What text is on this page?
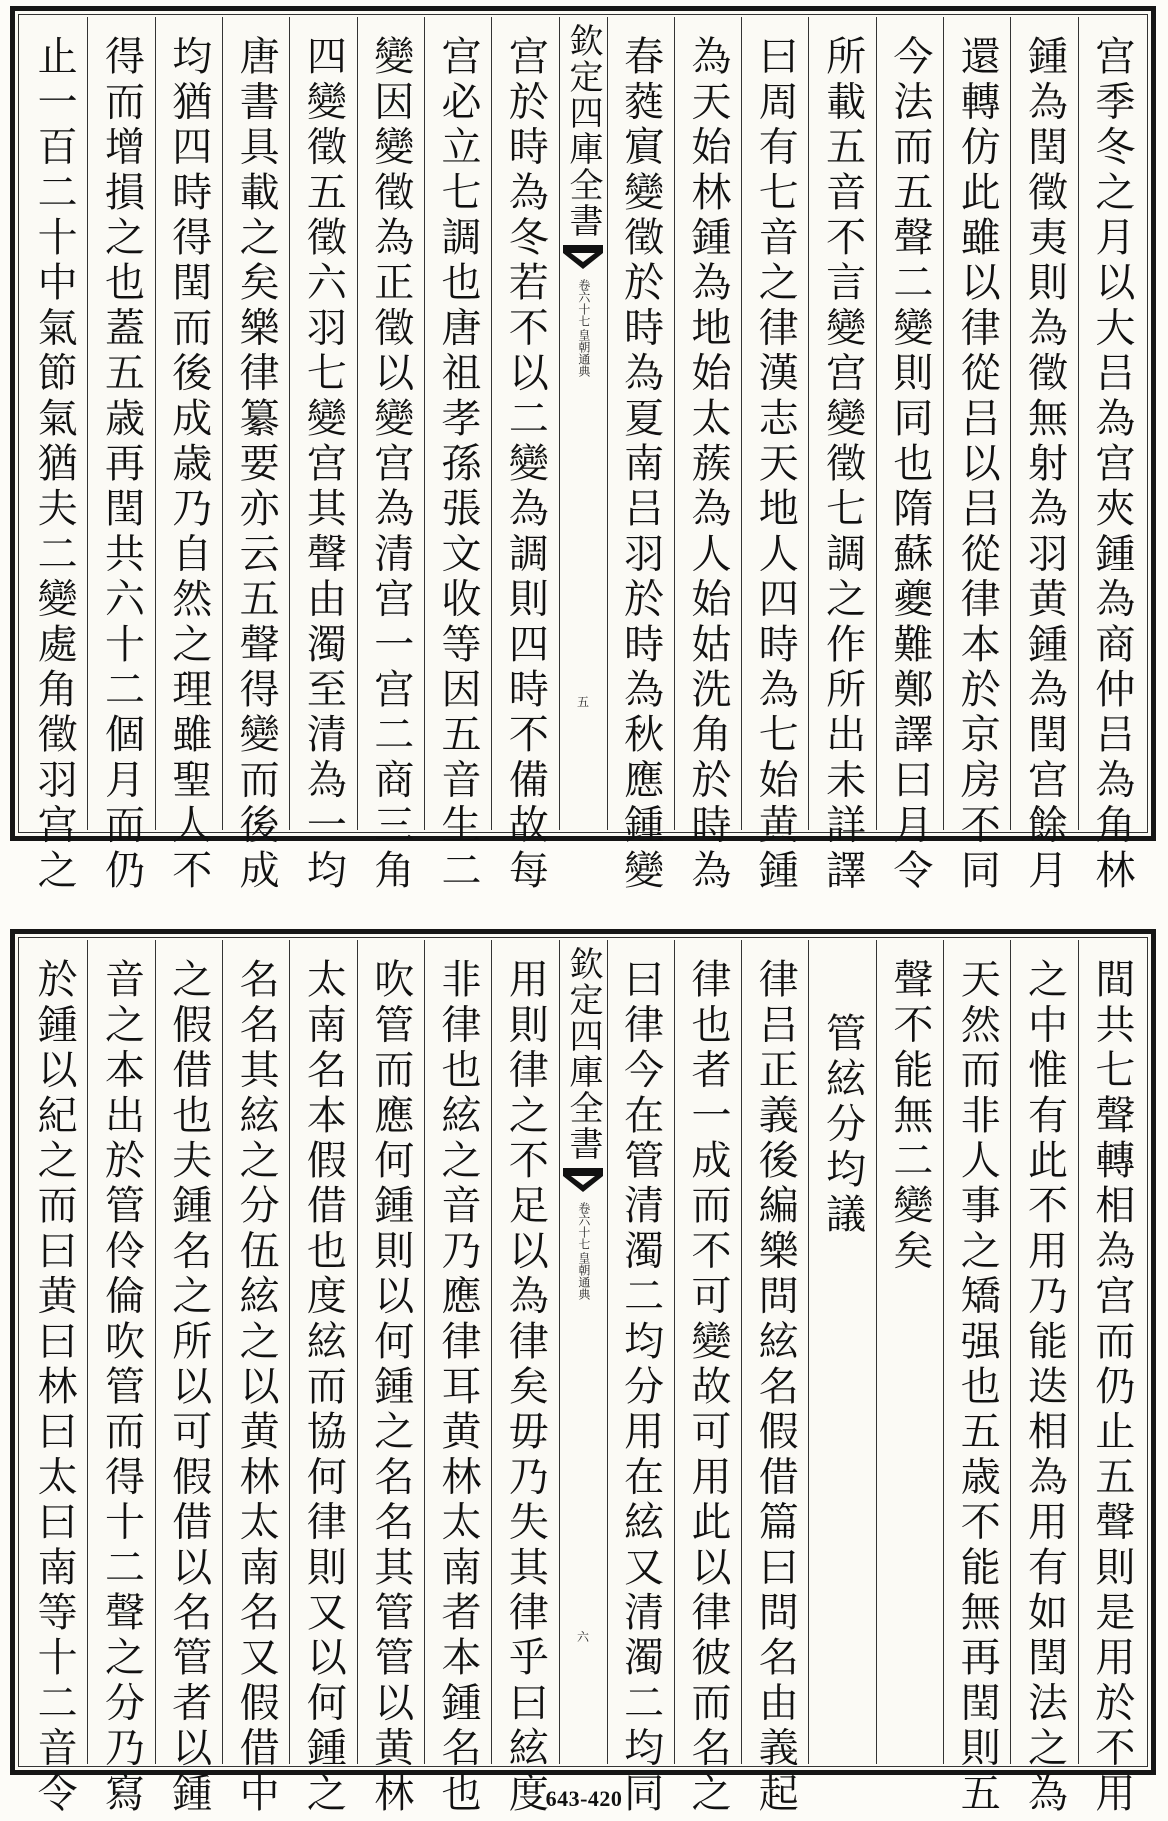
宫季冬之月以大吕為宫夾鍾為商仲吕為角林
鍾為閏徵夷則為徵無射為羽黄鍾為閏宫餘月
還轉仿此雖以律從吕以吕從律本於京房不同
今法而五聲二變則同也隋蘇夔難鄭譯曰月令
所載五音不言變宫變徵七調之作所出未詳譯
曰周有七音之律漢志天地人四時為七始黄鍾
為天始林鍾為地始太蔟為人始姑洗角於時為
春蕤賔變徵於時為夏南吕羽於時為秋應鍾變
欽定四庫全書
皇朝通典
卷六十七
五
宫於時為冬若不以二變為調則四時不備故每
宫必立七調也唐祖孝孫張文收等因五音生二
變因變徵為正徵以變宫為清宫一宫二商三角
四變徵五徵六羽七變宫其聲由濁至清為一均
唐書具載之矣樂律纂要亦云五聲得變而後成
均猶四時得閏而後成歳乃自然之理雖聖人不
得而增損之也蓋五歳再閏共六十二個月而仍
止一百二十中氣節氣猶夫二變處角徵羽宫之
間共七聲轉相為宫而仍止五聲則是用於不用
之中惟有此不用乃能迭相為用有如閏法之為
天然而非人事之矯强也五歳不能無再閏則五
聲不能無二變矣
管絃分均議
律吕正義後編樂問絃名假借篇曰問名由義起
律也者一成而不可變故可用此以律彼而名之
曰律今在管清濁二均分用在絃又清濁二均同
欽定四庫全書
皇朝通典
卷六十七
六
用則律之不足以為律矣毋乃失其律乎曰絃度
非律也絃之音乃應律耳黄林太南者本鍾名也
吹管而應何鍾則以何鍾之名名其管管以黄林
太南名本假借也度絃而協何律則又以何鍾之
名名其絃之分伍絃之以黄林太南名又假借中
之假借也夫鍾名之所以可假借以名管者以鍾
音之本出於管伶倫吹管而得十二聲之分乃寫
於鍾以紀之而曰黄曰林曰太曰南等十二音令	643-420
